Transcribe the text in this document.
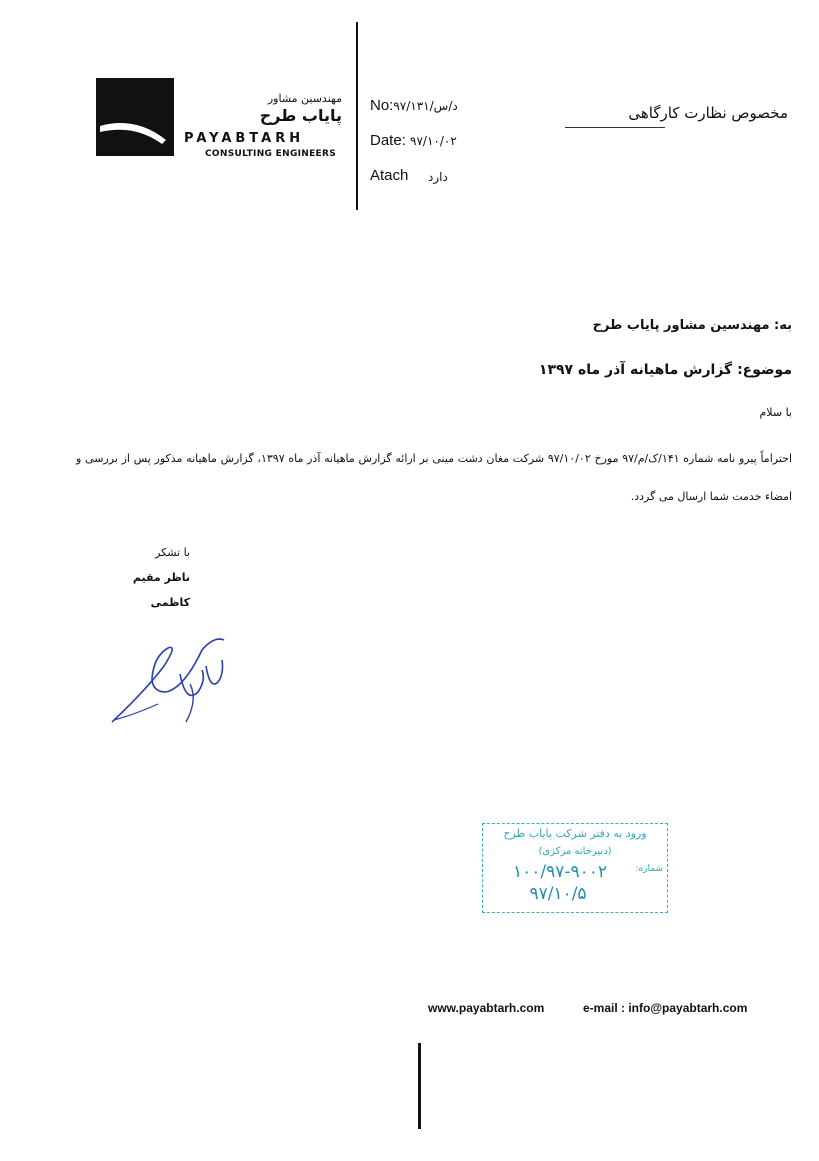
مهندسین مشاور
پایاب طرح
PAYABTARH
CONSULTING ENGINEERS
No:۹۷/د/س/۱۳۱
Date: ۹۷/۱۰/۰۲
Atach دارد
مخصوص نظارت کارگاهی
به: مهندسین مشاور پایاب طرح
موضوع: گزارش ماهیانه آذر ماه ۱۳۹۷
با سلام
احتراماً پیرو نامه شماره ۱۴۱/ک/م/۹۷ مورخ ۹۷/۱۰/۰۲ شرکت مغان دشت مینی بر ارائه گزارش ماهیانه آذر ماه ۱۳۹۷، گزارش ماهیانه مذکور پس از بررسی و امضاء خدمت شما ارسال می گردد.
با تشکر
ناظر مقیم
کاظمی
ورود به دفتر شرکت پایاب طرح
(دبیرخانه مرکزی)
شماره:
۱۰۰/۹۷-۹۰۰۲
۹۷/۱۰/۵
www.payabtarh.com	e-mail : info@payabtarh.com
